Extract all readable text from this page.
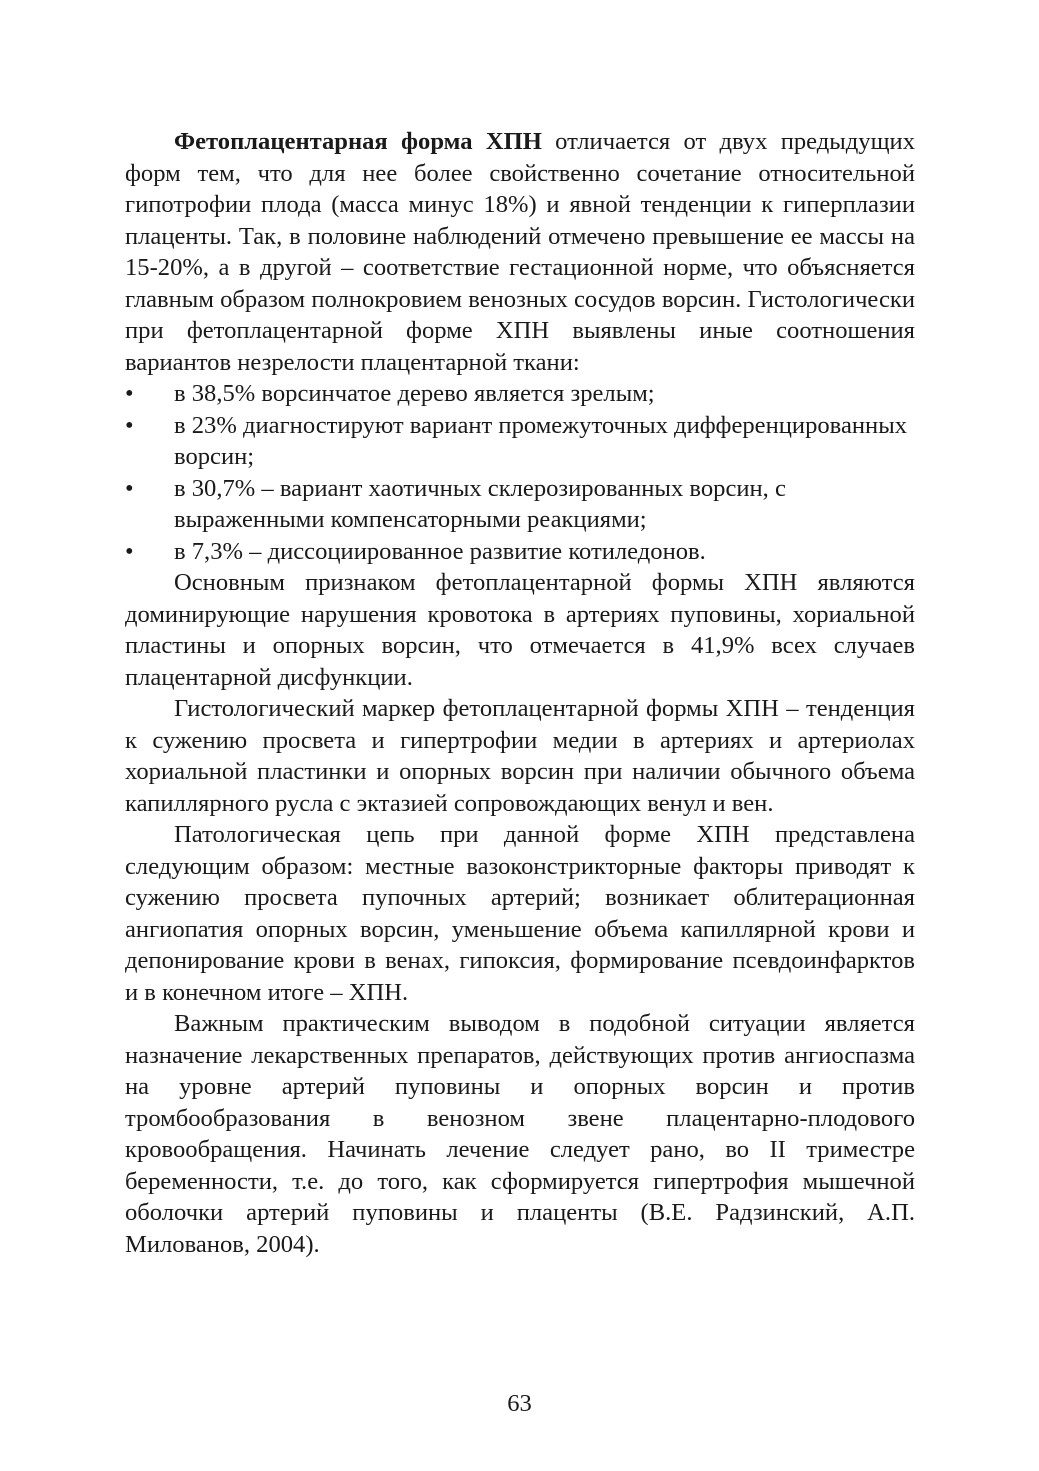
Фетоплацентарная форма ХПН отличается от двух предыдущих форм тем, что для нее более свойственно сочетание относительной гипотрофии плода (масса минус 18%) и явной тенденции к гиперплазии плаценты. Так, в половине наблюдений отмечено превышение ее массы на 15-20%, а в другой – соответствие гестационной норме, что объясняется главным образом полнокровием венозных сосудов ворсин. Гистологически при фетоплацентарной форме ХПН выявлены иные соотношения вариантов незрелости плацентарной ткани:

•	в 38,5% ворсинчатое дерево является зрелым;
•	в 23% диагностируют вариант промежуточных дифференцированных ворсин;
•	в 30,7% – вариант хаотичных склерозированных ворсин, с выраженными компенсаторными реакциями;
•	в 7,3% – диссоциированное развитие котиледонов.

Основным признаком фетоплацентарной формы ХПН являются доминирующие нарушения кровотока в артериях пуповины, хориальной пластины и опорных ворсин, что отмечается в 41,9% всех случаев плацентарной дисфункции.

Гистологический маркер фетоплацентарной формы ХПН – тенденция к сужению просвета и гипертрофии медии в артериях и артериолах хориальной пластинки и опорных ворсин при наличии обычного объема капиллярного русла с эктазией сопровождающих венул и вен.

Патологическая цепь при данной форме ХПН представлена следующим образом: местные вазоконстрикторные факторы приводят к сужению просвета пупочных артерий; возникает облитерационная ангиопатия опорных ворсин, уменьшение объема капиллярной крови и депонирование крови в венах, гипоксия, формирование псевдоинфарктов и в конечном итоге – ХПН.

Важным практическим выводом в подобной ситуации является назначение лекарственных препаратов, действующих против ангиоспазма на уровне артерий пуповины и опорных ворсин и против тромбообразования в венозном звене плацентарно-плодового кровообращения. Начинать лечение следует рано, во II триместре беременности, т.е. до того, как сформируется гипертрофия мышечной оболочки артерий пуповины и плаценты (В.Е. Радзинский, А.П. Милованов, 2004).

63
